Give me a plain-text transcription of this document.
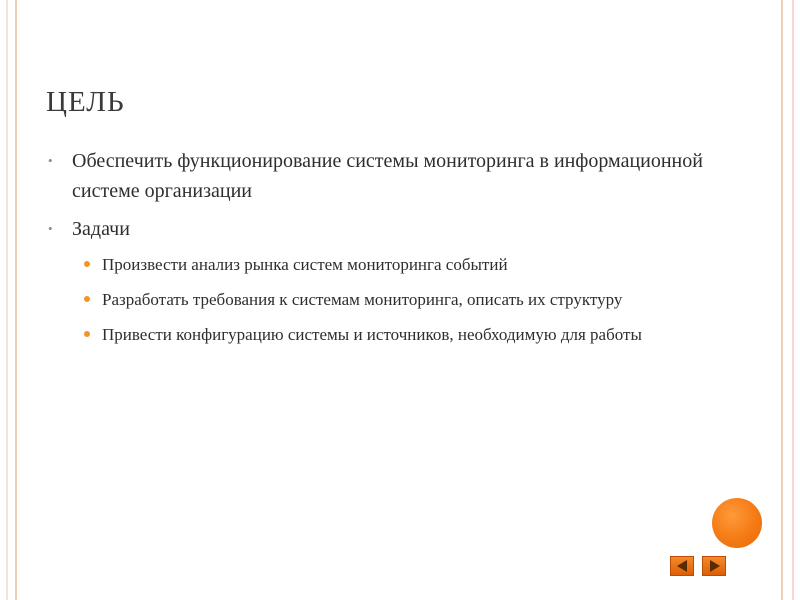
ЦЕЛЬ
• Обеспечить функционирование системы мониторинга в информационной системе организации
• Задачи
Произвести анализ рынка систем мониторинга событий
Разработать требования к системам мониторинга, описать их структуру
Привести конфигурацию системы и источников, необходимую для работы
